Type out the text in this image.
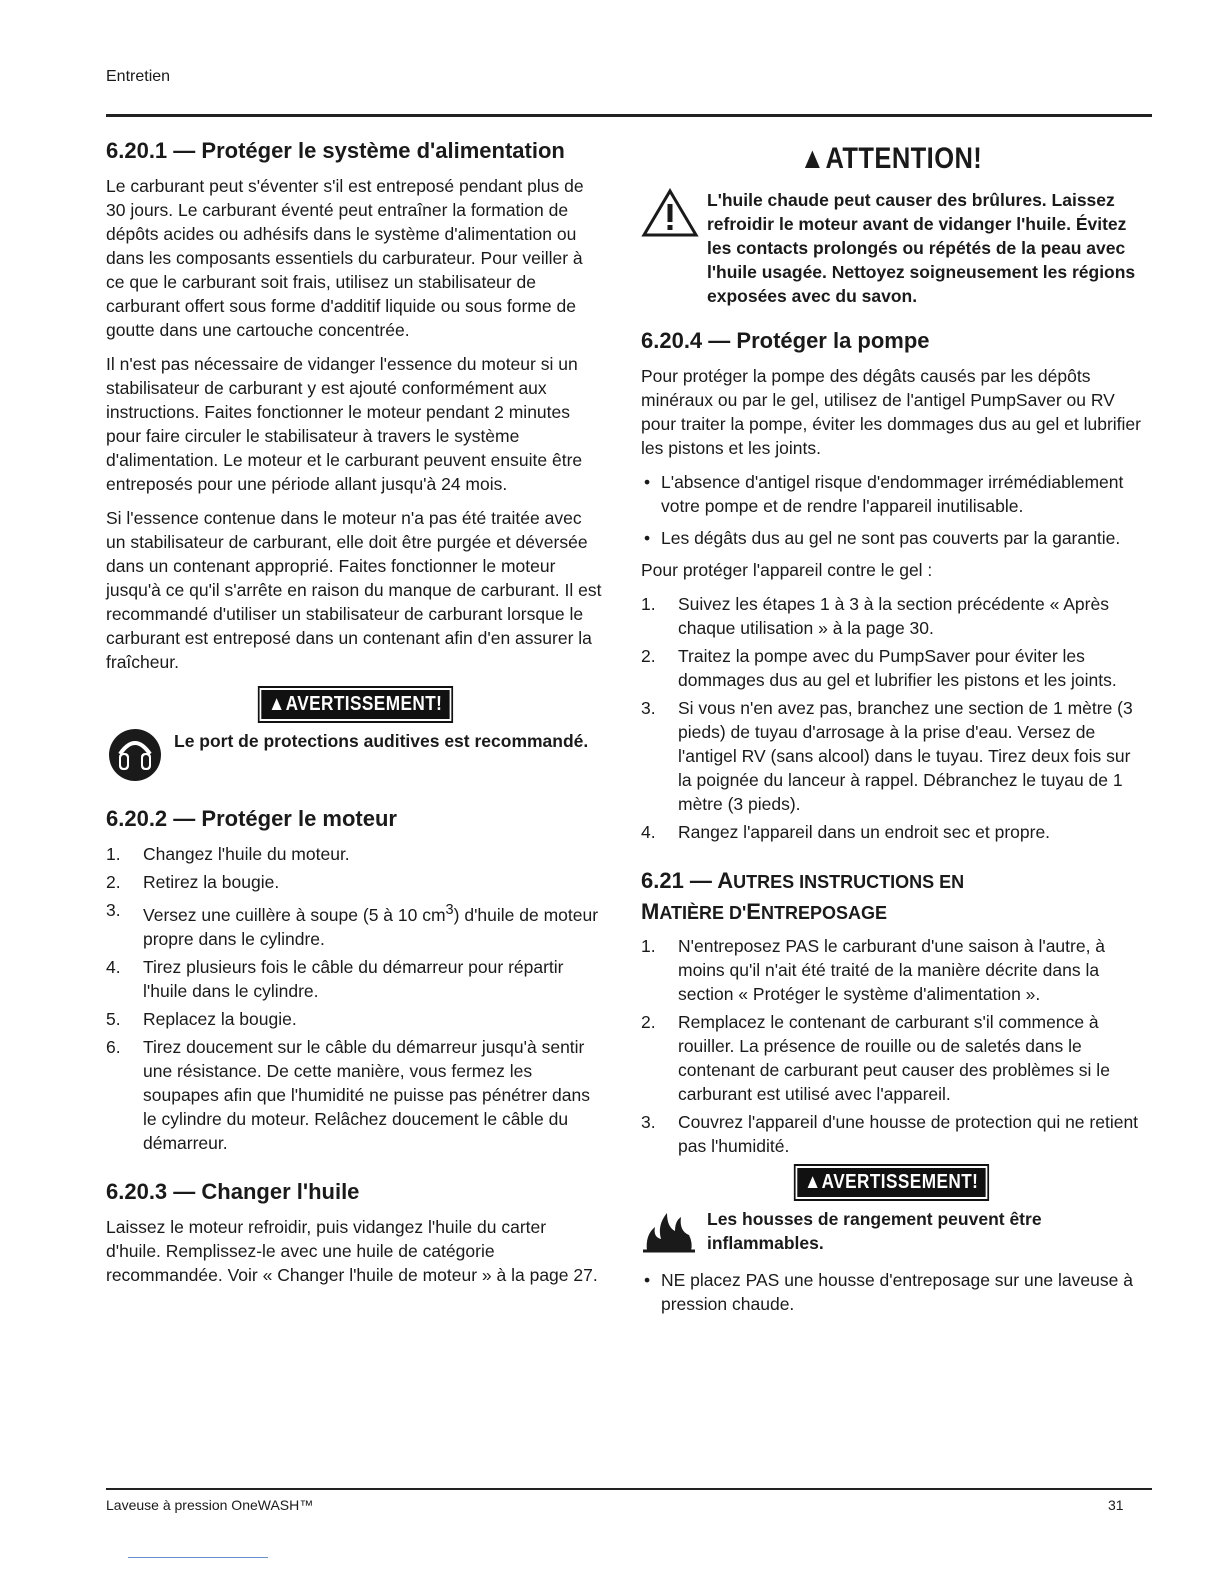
Entretien
6.20.1 — Protéger le système d'alimentation

Le carburant peut s'éventer s'il est entreposé pendant plus de 30 jours. Le carburant éventé peut entraîner la formation de dépôts acides ou adhésifs dans le système d'alimentation ou dans les composants essentiels du carburateur. Pour veiller à ce que le carburant soit frais, utilisez un stabilisateur de carburant offert sous forme d'additif liquide ou sous forme de goutte dans une cartouche concentrée.

Il n'est pas nécessaire de vidanger l'essence du moteur si un stabilisateur de carburant y est ajouté conformément aux instructions. Faites fonctionner le moteur pendant 2 minutes pour faire circuler le stabilisateur à travers le système d'alimentation. Le moteur et le carburant peuvent ensuite être entreposés pour une période allant jusqu'à 24 mois.

Si l'essence contenue dans le moteur n'a pas été traitée avec un stabilisateur de carburant, elle doit être purgée et déversée dans un contenant approprié. Faites fonctionner le moteur jusqu'à ce qu'il s'arrête en raison du manque de carburant. Il est recommandé d'utiliser un stabilisateur de carburant lorsque le carburant est entreposé dans un contenant afin d'en assurer la fraîcheur.

▲AVERTISSEMENT!
Le port de protections auditives est recommandé.
6.20.2 — Protéger le moteur
1. Changez l'huile du moteur.
2. Retirez la bougie.
3. Versez une cuillère à soupe (5 à 10 $cm^3$) d'huile de moteur propre dans le cylindre.
4. Tirez plusieurs fois le câble du démarreur pour répartir l'huile dans le cylindre.
5. Replacez la bougie.
6. Tirez doucement sur le câble du démarreur jusqu'à sentir une résistance. De cette manière, vous fermez les soupapes afin que l'humidité ne puisse pas pénétrer dans le cylindre du moteur. Relâchez doucement le câble du démarreur.
6.20.3 — Changer l'huile

Laissez le moteur refroidir, puis vidangez l'huile du carter d'huile. Remplissez-le avec une huile de catégorie recommandée. Voir « Changer l'huile de moteur » à la page 27.

▲ATTENTION!
L'huile chaude peut causer des brûlures. Laissez refroidir le moteur avant de vidanger l'huile. Évitez les contacts prolongés ou répétés de la peau avec l'huile usagée. Nettoyez soigneusement les régions exposées avec du savon.
6.20.4 — Protéger la pompe

Pour protéger la pompe des dégâts causés par les dépôts minéraux ou par le gel, utilisez de l'antigel PumpSaver ou RV pour traiter la pompe, éviter les dommages dus au gel et lubrifier les pistons et les joints.

• L'absence d'antigel risque d'endommager irrémédiablement votre pompe et de rendre l'appareil inutilisable.
• Les dégâts dus au gel ne sont pas couverts par la garantie.

Pour protéger l'appareil contre le gel :

1. Suivez les étapes 1 à 3 à la section précédente « Après chaque utilisation » à la page 30.
2. Traitez la pompe avec du PumpSaver pour éviter les dommages dus au gel et lubrifier les pistons et les joints.
3. Si vous n'en avez pas, branchez une section de 1 mètre (3 pieds) de tuyau d'arrosage à la prise d'eau. Versez de l'antigel RV (sans alcool) dans le tuyau. Tirez deux fois sur la poignée du lanceur à rappel. Débranchez le tuyau de 1 mètre (3 pieds).
4. Rangez l'appareil dans un endroit sec et propre.
6.21 — AUTRES INSTRUCTIONS EN
MATIÈRE D'ENTREPOSAGE
1. N'entreposez PAS le carburant d'une saison à l'autre, à moins qu'il n'ait été traité de la manière décrite dans la section « Protéger le système d'alimentation ».
2. Remplacez le contenant de carburant s'il commence à rouiller. La présence de rouille ou de saletés dans le contenant de carburant peut causer des problèmes si le carburant est utilisé avec l'appareil.
3. Couvrez l'appareil d'une housse de protection qui ne retient pas l'humidité.
▲AVERTISSEMENT!
Les housses de rangement peuvent être inflammables.
• NE placez PAS une housse d'entreposage sur une laveuse à pression chaude.
Laveuse à pression OneWASH™	31
